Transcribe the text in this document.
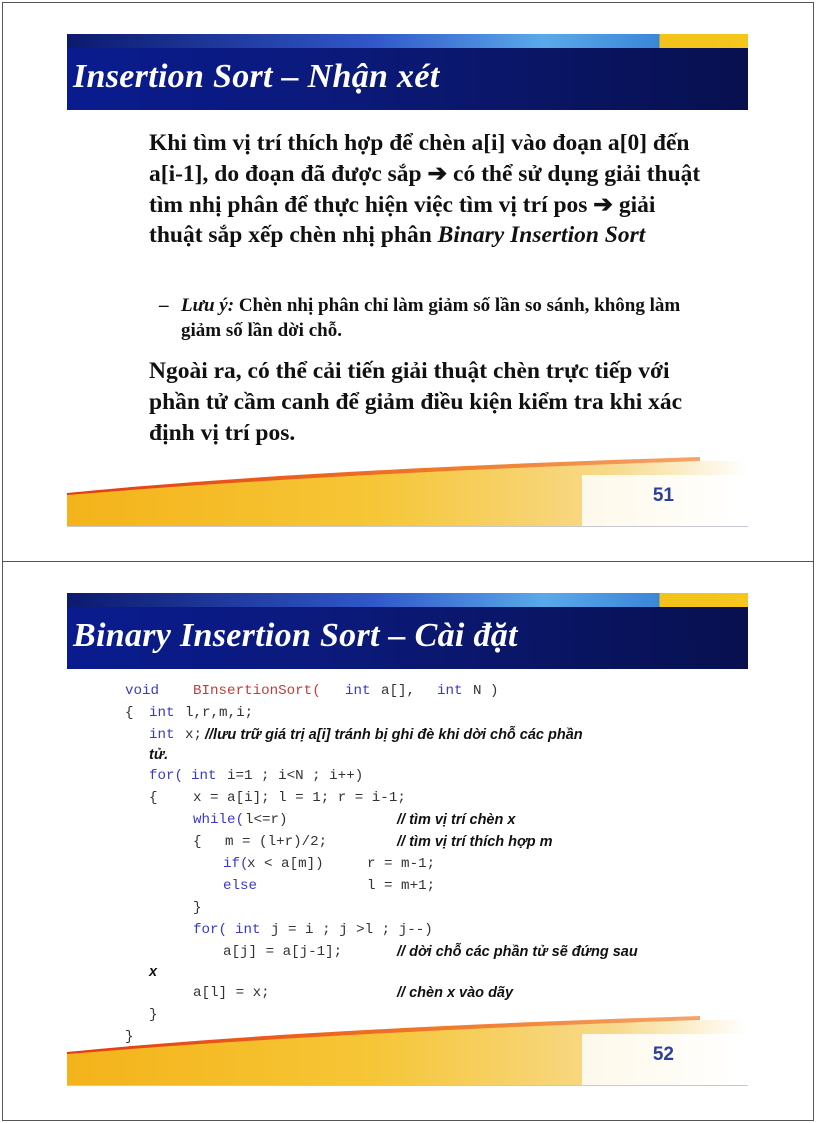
Insertion Sort – Nhận xét
Khi tìm vị trí thích hợp để chèn a[i] vào đoạn a[0] đến a[i-1], do đoạn đã được sắp ➔ có thể sử dụng giải thuật tìm nhị phân để thực hiện việc tìm vị trí pos ➔ giải thuật sắp xếp chèn nhị phân Binary Insertion Sort
– Lưu ý: Chèn nhị phân chỉ làm giảm số lần so sánh, không làm giảm số lần dời chỗ.
Ngoài ra, có thể cải tiến giải thuật chèn trực tiếp với phần tử cầm canh để giảm điều kiện kiểm tra khi xác định vị trí pos.
51
Binary Insertion Sort – Cài đặt

void

BInsertionSort(

int

a[],

int

N )

{

int

l,r,m,i;

int

x;

//lưu trữ giá trị a[i] tránh bị ghi đè khi dời chỗ các phần

tử.

for(

int

i=1 ; i<N ; i++)

{

x = a[i]; l = 1; r = i-1;

while(

l<=r)

	// tìm vị trí chèn x

{

m = (l+r)/2;

	// tìm vị trí thích hợp m

if(

x < a[m])

	r = m-1;

else

	l = m+1;

}

for(

int

j = i ; j >l ; j--)

a[j] = a[j-1];

	// dời chỗ các phần tử sẽ đứng sau

x

a[l] = x;

	// chèn x vào dãy

}

}

52
